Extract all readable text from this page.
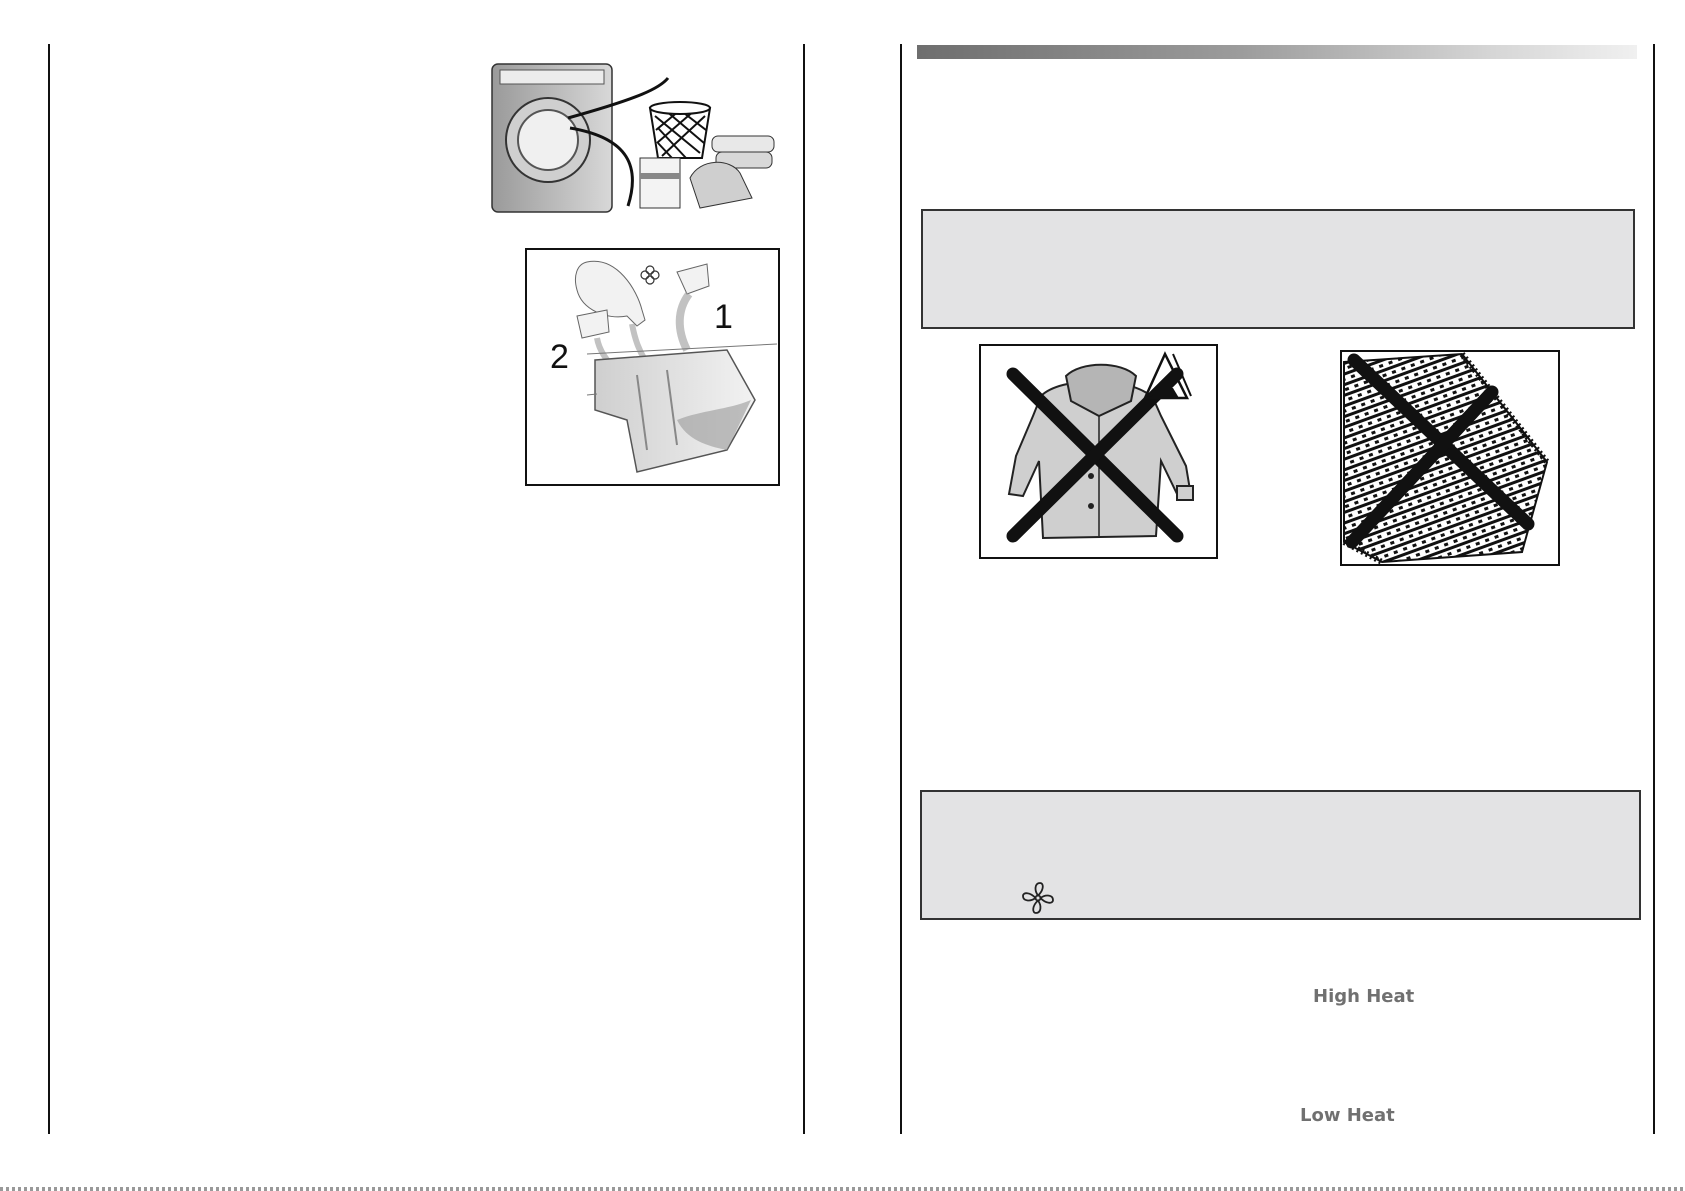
1
2
High Heat
Low Heat
